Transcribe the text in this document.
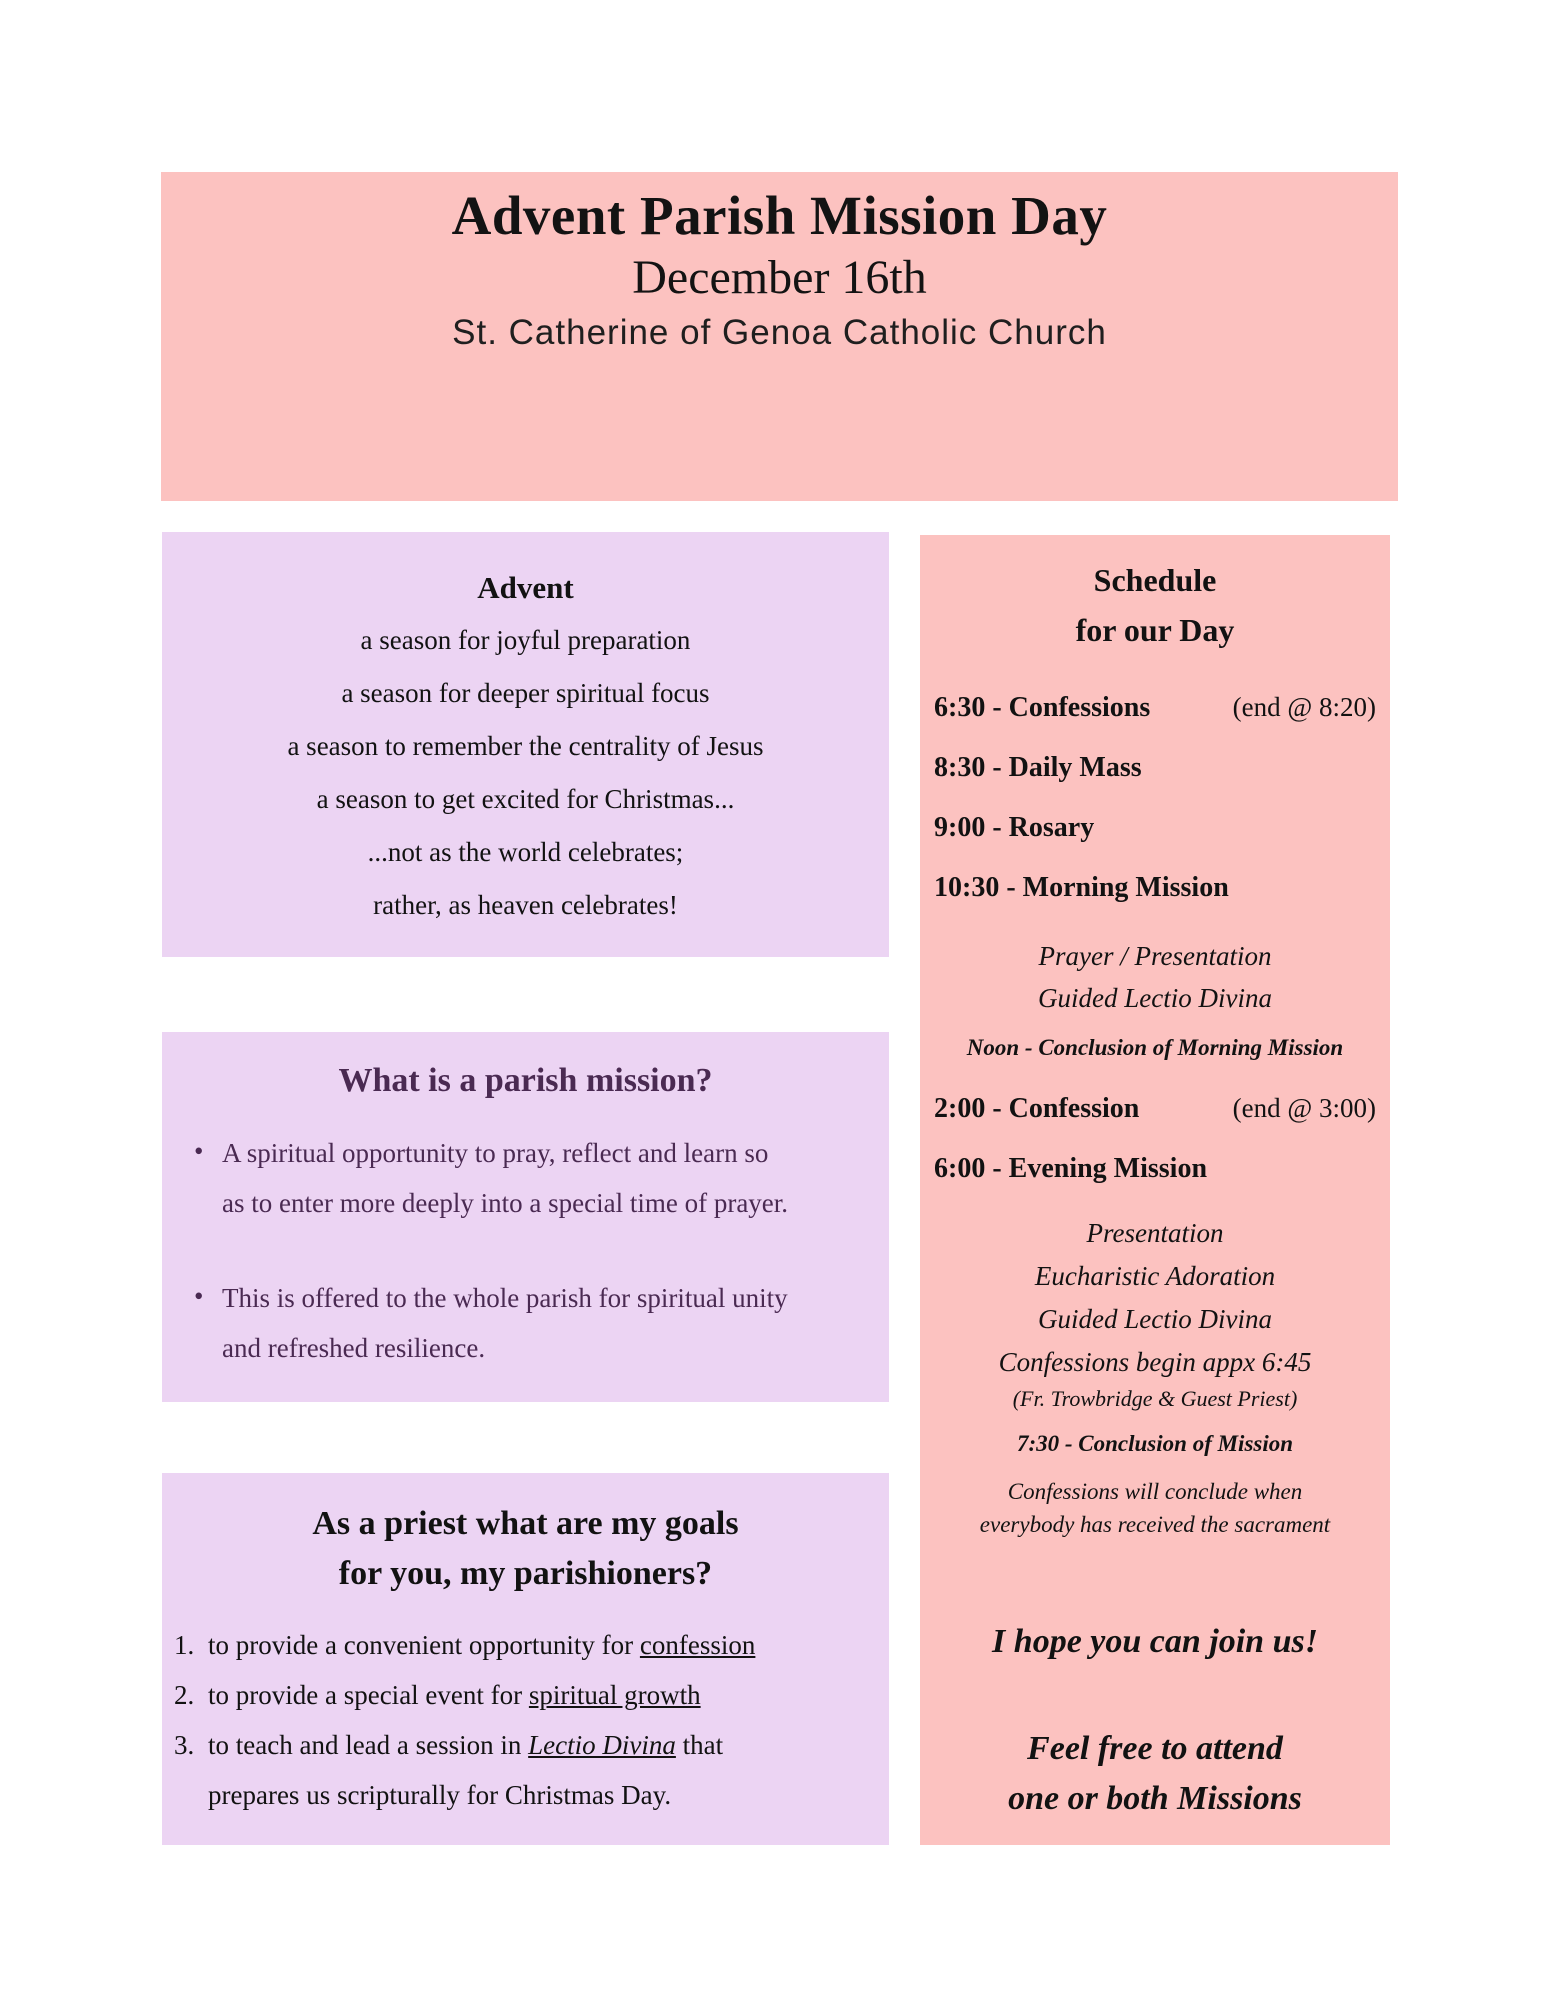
Advent Parish Mission Day
December 16th
St. Catherine of Genoa Catholic Church
Advent
a season for joyful preparation
a season for deeper spiritual focus
a season to remember the centrality of Jesus
a season to get excited for Christmas...
...not as the world celebrates;
rather, as heaven celebrates!
What is a parish mission?
• A spiritual opportunity to pray, reflect and learn so
as to enter more deeply into a special time of prayer.
• This is offered to the whole parish for spiritual unity
and refreshed resilience.
As a priest what are my goals
for you, my parishioners?
1. to provide a convenient opportunity for confession
2. to provide a special event for spiritual growth
3. to teach and lead a session in Lectio Divina that
prepares us scripturally for Christmas Day.
Schedule
for our Day
6:30 - Confessions	(end @ 8:20)
8:30 - Daily Mass
9:00 - Rosary
10:30 - Morning Mission
Prayer / Presentation
Guided Lectio Divina
Noon - Conclusion of Morning Mission
2:00 - Confession	(end @ 3:00)
6:00 - Evening Mission
Presentation
Eucharistic Adoration
Guided Lectio Divina
Confessions begin appx 6:45
(Fr. Trowbridge & Guest Priest)
7:30 - Conclusion of Mission
Confessions will conclude when
everybody has received the sacrament
I hope you can join us!
Feel free to attend
one or both Missions
